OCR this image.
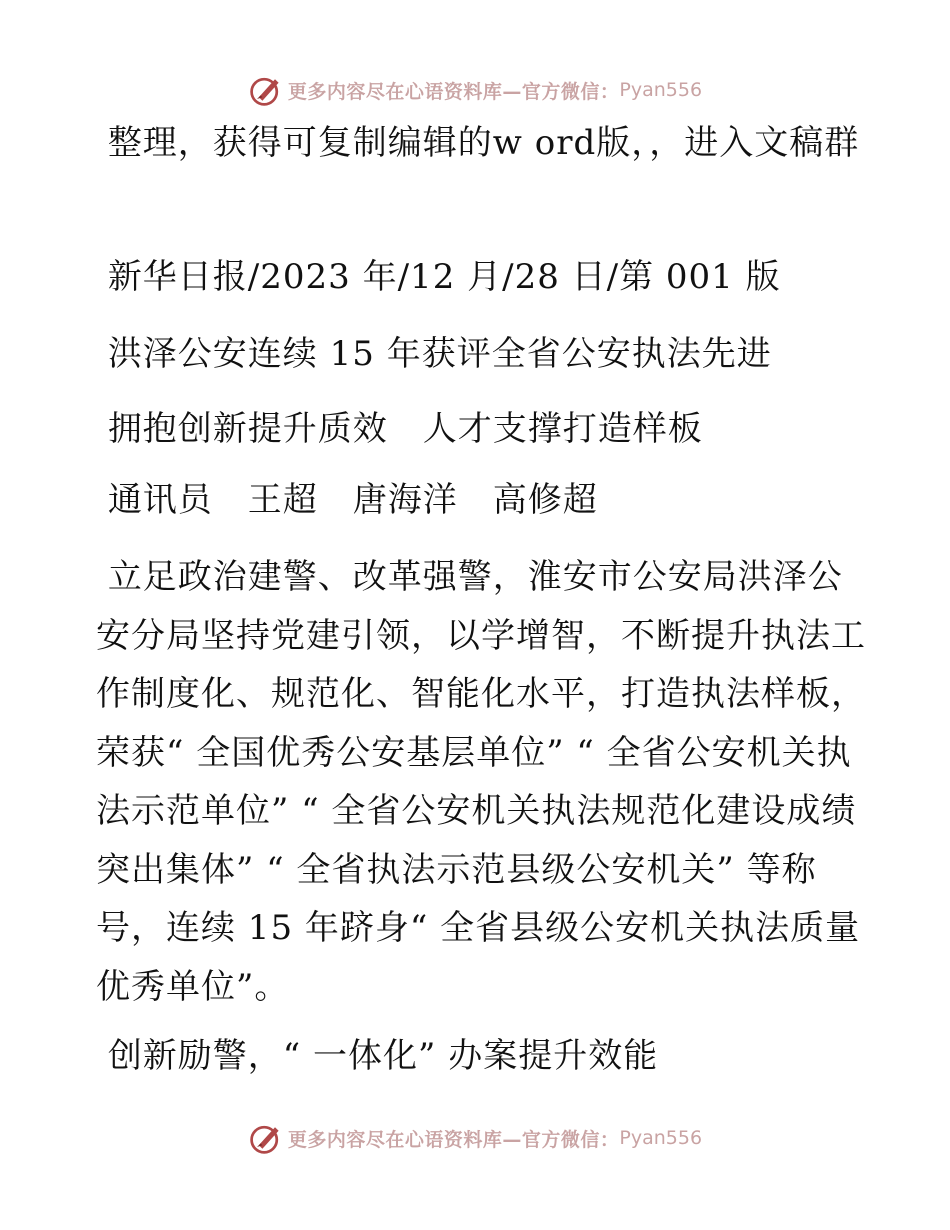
更多内容尽在心语资料库—官方微信： Pyan556

整理，获得可复制编辑的w ord版，，进入文稿群

新华日报/2023 年/12 月/28 日/第 001 版

洪泽公安连续 15 年获评全省公安执法先进

拥抱创新提升质效　人才支撑打造样板

通讯员　王超　唐海洋　高修超

立足政治建警、改革强警，淮安市公安局洪泽公安分局坚持党建引领，以学增智，不断提升执法工作制度化、规范化、智能化水平，打造执法样板，荣获“ 全国优秀公安基层单位” “ 全省公安机关执法示范单位” “ 全省公安机关执法规范化建设成绩突出集体” “ 全省执法示范县级公安机关” 等称号，连续 15 年跻身“ 全省县级公安机关执法质量优秀单位”。

创新励警，“ 一体化” 办案提升效能

更多内容尽在心语资料库—官方微信： Pyan556
